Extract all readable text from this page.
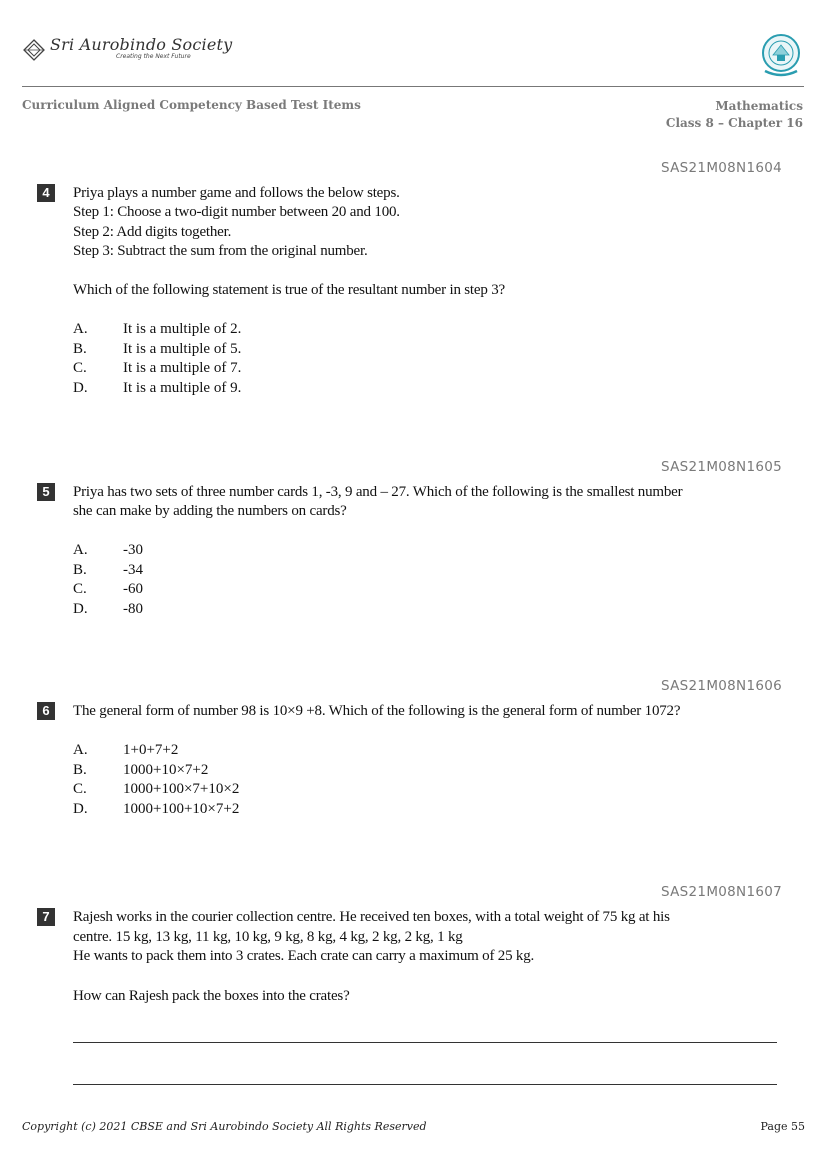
Sri Aurobindo Society
Creating the Next Future
Curriculum Aligned Competency Based Test Items	Mathematics
Class 8 – Chapter 16
SAS21M08N1604
4	Priya plays a number game and follows the below steps.
Step 1: Choose a two-digit number between 20 and 100.
Step 2: Add digits together.
Step 3: Subtract the sum from the original number.
Which of the following statement is true of the resultant number in step 3?
A. It is a multiple of 2.
B. It is a multiple of 5.
C. It is a multiple of 7.
D. It is a multiple of 9.
SAS21M08N1605
5	Priya has two sets of three number cards 1, -3, 9 and – 27. Which of the following is the smallest number
she can make by adding the numbers on cards?
A. -30
B. -34
C. -60
D. -80
SAS21M08N1606
6	The general form of number 98 is 10×9 +8. Which of the following is the general form of number 1072?
A. 1+0+7+2
B. 1000+10×7+2
C. 1000+100×7+10×2
D. 1000+100+10×7+2
SAS21M08N1607
7	Rajesh works in the courier collection centre. He received ten boxes, with a total weight of 75 kg at his
centre. 15 kg, 13 kg, 11 kg, 10 kg, 9 kg, 8 kg, 4 kg, 2 kg, 2 kg, 1 kg
He wants to pack them into 3 crates. Each crate can carry a maximum of 25 kg.
How can Rajesh pack the boxes into the crates?
Copyright (c) 2021 CBSE and Sri Aurobindo Society All Rights Reserved	Page 55
